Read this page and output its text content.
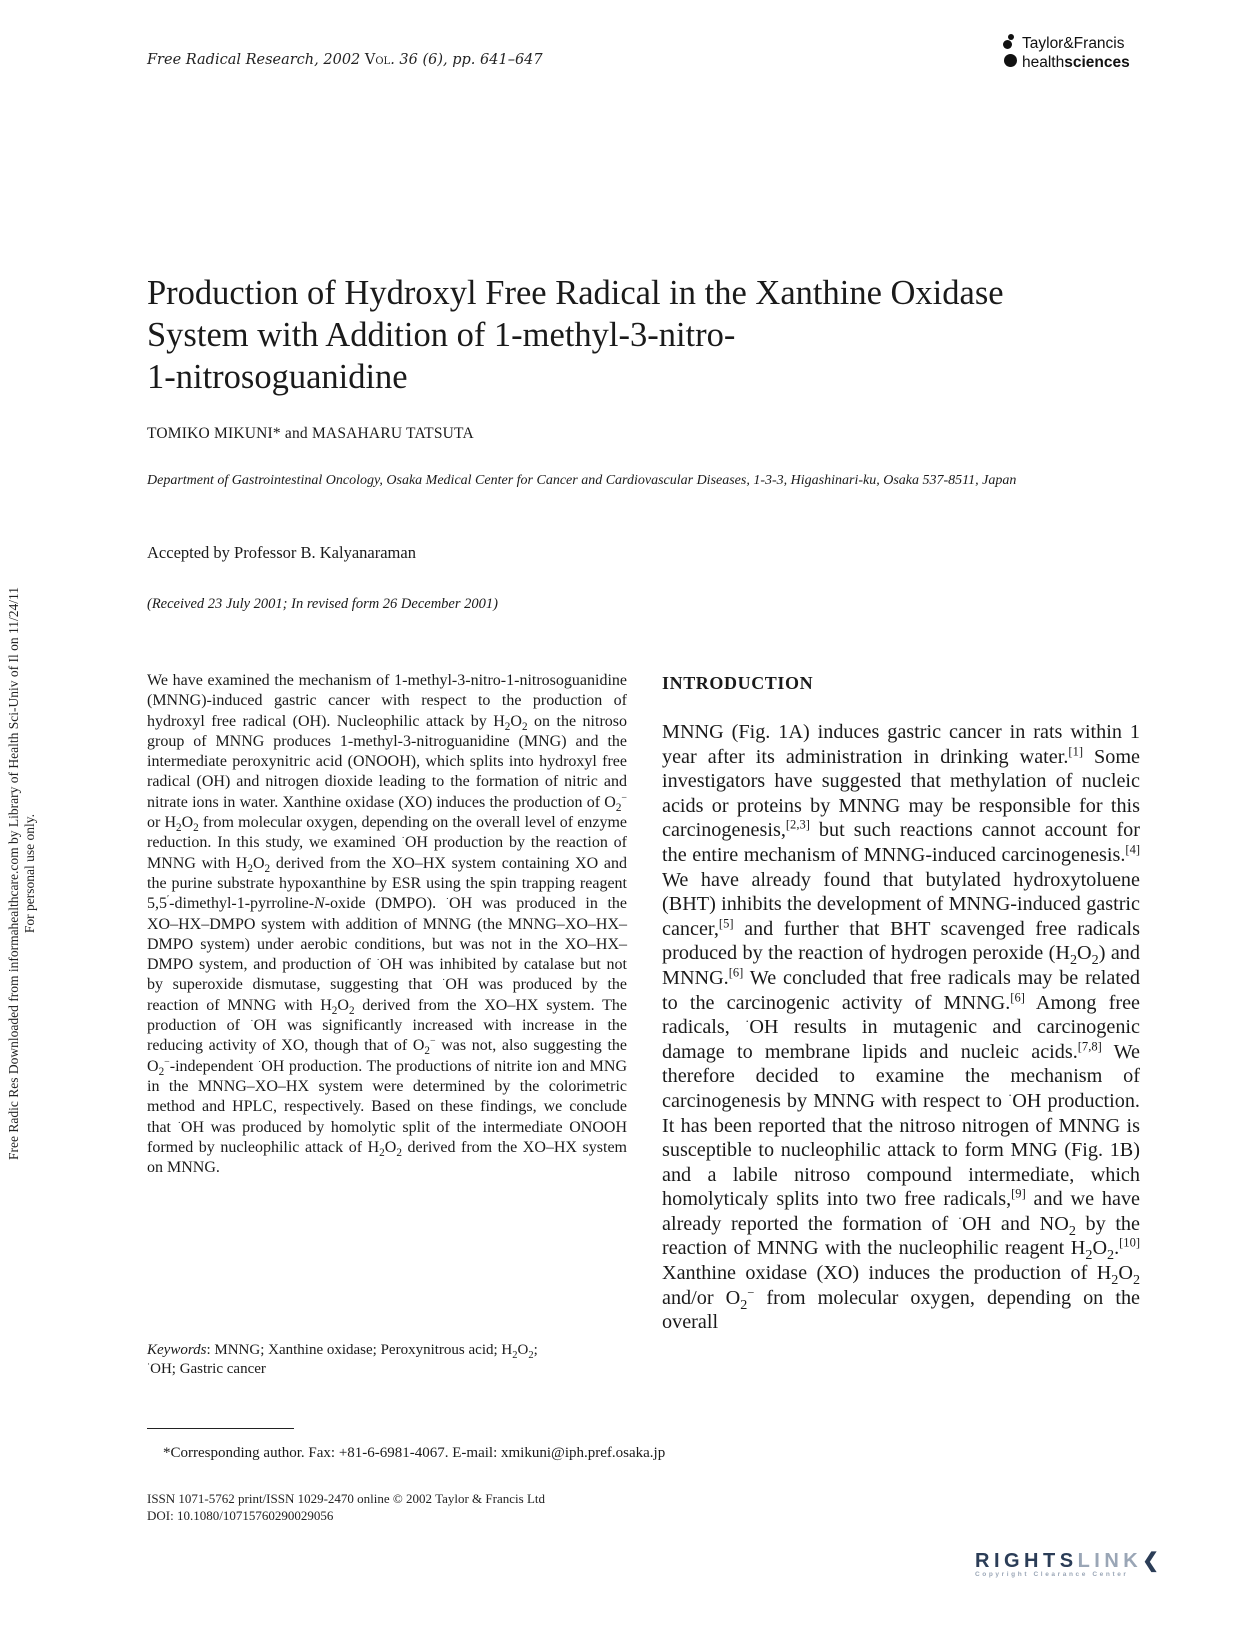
Free Radical Research, 2002 Vol. 36 (6), pp. 641–647
Taylor&Francis
healthsciences
Free Radic Res Downloaded from informahealthcare.com by Library of Health Sci-Univ of Il on 11/24/11 For personal use only.
Production of Hydroxyl Free Radical in the Xanthine Oxidase
System with Addition of 1-methyl-3-nitro-
1-nitrosoguanidine
TOMIKO MIKUNI* and MASAHARU TATSUTA
Department of Gastrointestinal Oncology, Osaka Medical Center for Cancer and Cardiovascular Diseases, 1-3-3, Higashinari-ku, Osaka 537-8511, Japan
Accepted by Professor B. Kalyanaraman
(Received 23 July 2001; In revised form 26 December 2001)

We have examined the mechanism of 1-methyl-3-nitro-1-nitrosoguanidine (MNNG)-induced gastric cancer with respect to the production of hydroxyl free radical (OH). Nucleophilic attack by $H_2O_2$ on the nitroso group of MNNG produces 1-methyl-3-nitroguanidine (MNG) and the intermediate peroxynitric acid (ONOOH), which splits into hydroxyl free radical (OH) and nitrogen dioxide leading to the formation of nitric and nitrate ions in water. Xanthine oxidase (XO) induces the production of $O_2^-$ or $H_2O_2$ from molecular oxygen, depending on the overall level of enzyme reduction. In this study, we examined ·OH production by the reaction of MNNG with $H_2O_2$ derived from the XO–HX system containing XO and the purine substrate hypoxanthine by ESR using the spin trapping reagent 5,5′-dimethyl-1-pyrroline-N-oxide (DMPO). ·OH was produced in the XO–HX–DMPO system with addition of MNNG (the MNNG–XO–HX–DMPO system) under aerobic conditions, but was not in the XO–HX–DMPO system, and production of ·OH was inhibited by catalase but not by superoxide dismutase, suggesting that ·OH was produced by the reaction of MNNG with $H_2O_2$ derived from the XO–HX system. The production of ·OH was significantly increased with increase in the reducing activity of XO, though that of $O_2^-$ was not, also suggesting the $O_2^-$-independent ·OH production. The productions of nitrite ion and MNG in the MNNG–XO–HX system were determined by the colorimetric method and HPLC, respectively. Based on these findings, we conclude that ·OH was produced by homolytic split of the intermediate ONOOH formed by nucleophilic attack of $H_2O_2$ derived from the XO–HX system on MNNG.

Keywords: MNNG; Xanthine oxidase; Peroxynitrous acid; $H_2O_2$;
·OH; Gastric cancer
INTRODUCTION

MNNG (Fig. 1A) induces gastric cancer in rats within 1 year after its administration in drinking water.[1] Some investigators have suggested that methylation of nucleic acids or proteins by MNNG may be responsible for this carcinogenesis,[2,3] but such reactions cannot account for the entire mechanism of MNNG-induced carcinogenesis.[4] We have already found that butylated hydroxytoluene (BHT) inhibits the development of MNNG-induced gastric cancer,[5] and further that BHT scavenged free radicals produced by the reaction of hydrogen peroxide $(H_2O_2)$ and MNNG.[6] We concluded that free radicals may be related to the carcinogenic activity of MNNG.[6] Among free radicals, ·OH results in mutagenic and carcinogenic damage to membrane lipids and nucleic acids.[7,8] We therefore decided to examine the mechanism of carcinogenesis by MNNG with respect to ·OH production. It has been reported that the nitroso nitrogen of MNNG is susceptible to nucleophilic attack to form MNG (Fig. 1B) and a labile nitroso compound intermediate, which homolyticaly splits into two free radicals,[9] and we have already reported the formation of ·OH and $NO_2$ by the reaction of MNNG with the nucleophilic reagent $H_2O_2.[10]$ Xanthine oxidase (XO) induces the production of $H_2O_2$ and/or $O_2^-$ from molecular oxygen, depending on the overall

*Corresponding author. Fax: +81-6-6981-4067. E-mail: xmikuni@iph.pref.osaka.jp
ISSN 1071-5762 print/ISSN 1029-2470 online © 2002 Taylor & Francis Ltd
DOI: 10.1080/10715760290029056
RIGHTSLINK❮
Copyright Clearance Center
